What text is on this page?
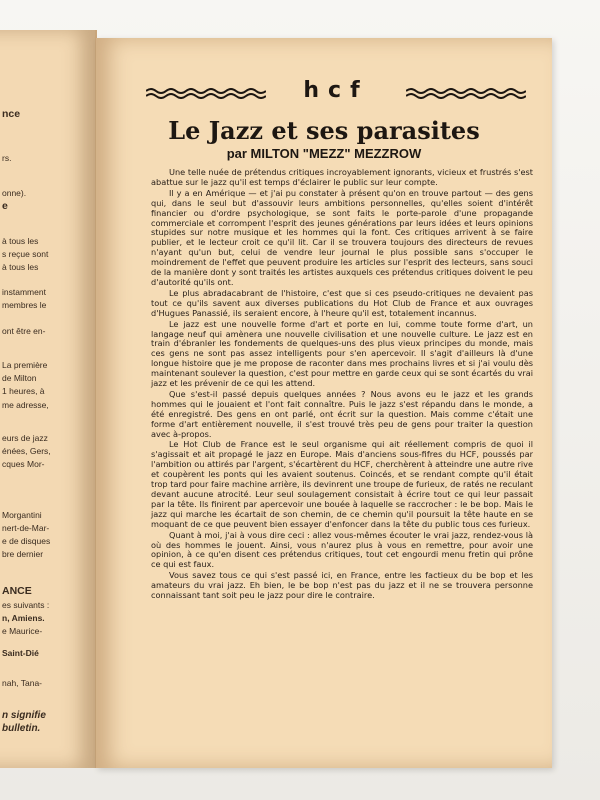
nce
rs.
onne).
e
à tous les
s reçue sont
à tous les
instamment
membres le
ont être en-
La première
de Milton
1 heures, à
me adresse,
eurs de jazz
énées, Gers,
cques Mor-
Morgantini
nert-de-Mar-
e de disques
bre dernier
ANCE
es suivants :
n, Amiens.
e Maurice-
Saint-Dié
nah, Tana-
n signifie
bulletin.
hcf
Le Jazz et ses parasites
par MILTON "MEZZ" MEZZROW

Une telle nuée de prétendus critiques incroyablement ignorants, vicieux et frustrés s'est abattue sur le jazz qu'il est temps d'éclairer le public sur leur compte.

Il y a en Amérique — et j'ai pu constater à présent qu'on en trouve partout — des gens qui, dans le seul but d'assouvir leurs ambitions personnelles, qu'elles soient d'intérêt financier ou d'ordre psychologique, se sont faits le porte-parole d'une propagande commerciale et corrompent l'esprit des jeunes générations par leurs idées et leurs opinions stupides sur notre musique et les hommes qui la font. Ces critiques arrivent à se faire publier, et le lecteur croit ce qu'il lit. Car il se trouvera toujours des directeurs de revues n'ayant qu'un but, celui de vendre leur journal le plus possible sans s'occuper le moindrement de l'effet que peuvent produire les articles sur l'esprit des lecteurs, sans souci de la manière dont y sont traités les artistes auxquels ces prétendus critiques doivent le peu d'autorité qu'ils ont.

Le plus abradacabrant de l'histoire, c'est que si ces pseudo-critiques ne devaient pas tout ce qu'ils savent aux diverses publications du Hot Club de France et aux ouvrages d'Hugues Panassié, ils seraient encore, à l'heure qu'il est, totalement incannus.

Le jazz est une nouvelle forme d'art et porte en lui, comme toute forme d'art, un langage neuf qui amènera une nouvelle civilisation et une nouvelle culture. Le jazz est en train d'ébranler les fondements de quelques-uns des plus vieux principes du monde, mais ces gens ne sont pas assez intelligents pour s'en apercevoir. Il s'agit d'ailleurs là d'une longue histoire que je me propose de raconter dans mes prochains livres et si j'ai voulu dès maintenant soulever la question, c'est pour mettre en garde ceux qui se sont écartés du vrai jazz et les prévenir de ce qui les attend.

Que s'est-il passé depuis quelques années ? Nous avons eu le jazz et les grands hommes qui le jouaient et l'ont fait connaître. Puis le jazz s'est répandu dans le monde, a été enregistré. Des gens en ont parlé, ont écrit sur la question. Mais comme c'était une forme d'art entièrement nouvelle, il s'est trouvé très peu de gens pour traiter la question avec à-propos.

Le Hot Club de France est le seul organisme qui ait réellement compris de quoi il s'agissait et ait propagé le jazz en Europe. Mais d'anciens sous-fifres du HCF, poussés par l'ambition ou attirés par l'argent, s'écartèrent du HCF, cherchèrent à atteindre une autre rive et coupèrent les ponts qui les avaient soutenus. Coincés, et se rendant compte qu'il était trop tard pour faire machine arrière, ils devinrent une troupe de furieux, de ratés ne reculant devant aucune atrocité. Leur seul soulagement consistait à écrire tout ce qui leur passait par la tête. Ils finirent par apercevoir une bouée à laquelle se raccrocher : le be bop. Mais le jazz qui marche les écartait de son chemin, de ce chemin qu'il poursuit la tête haute en se moquant de ce que peuvent bien essayer d'enfoncer dans la tête du public tous ces furieux.

Quant à moi, j'ai à vous dire ceci : allez vous-mêmes écouter le vrai jazz, rendez-vous là où des hommes le jouent. Ainsi, vous n'aurez plus à vous en remettre, pour avoir une opinion, à ce qu'en disent ces prétendus critiques, tout cet engourdi menu fretin qui prône ce qui est faux.

Vous savez tous ce qui s'est passé ici, en France, entre les factieux du be bop et les amateurs du vrai jazz. Eh bien, le be bop n'est pas du jazz et il ne se trouvera personne connaissant tant soit peu le jazz pour dire le contraire.
